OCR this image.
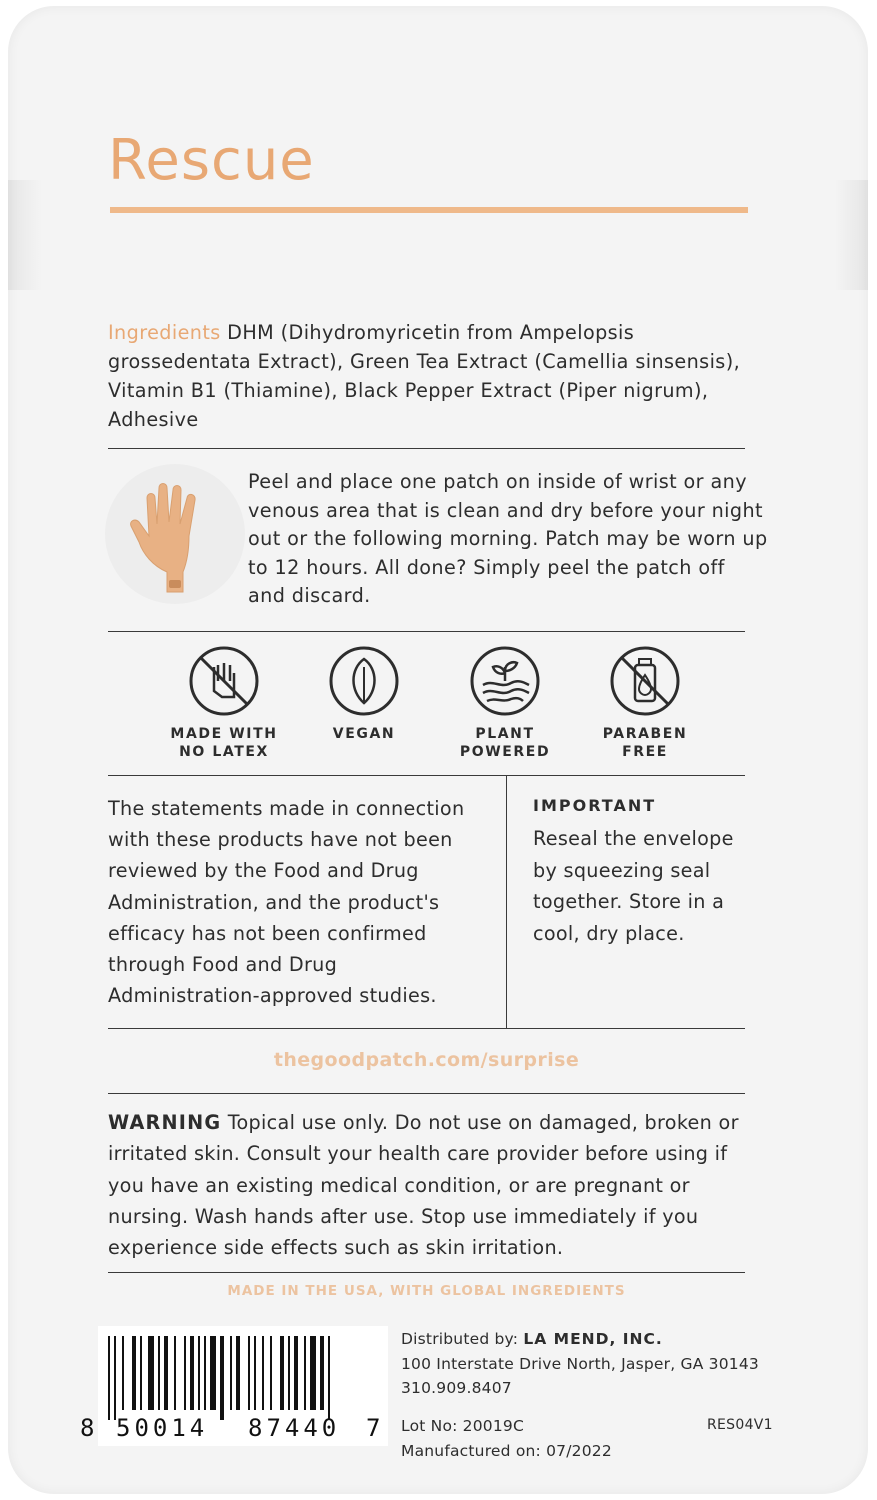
Rescue
Ingredients DHM (Dihydromyricetin from Ampelopsis grossedentata Extract), Green Tea Extract (Camellia sinsensis), Vitamin B1 (Thiamine), Black Pepper Extract (Piper nigrum), Adhesive
Peel and place one patch on inside of wrist or any venous area that is clean and dry before your night out or the following morning. Patch may be worn up to 12 hours. All done? Simply peel the patch off and discard.
MADE WITH
NO LATEX
VEGAN	PLANT
POWERED
PARABEN
FREE
The statements made in connection with these products have not been reviewed by the Food and Drug Administration, and the product's efficacy has not been confirmed through Food and Drug Administration-approved studies.
IMPORTANT
Reseal the envelope by squeezing seal together. Store in a cool, dry place.
thegoodpatch.com/surprise
WARNING Topical use only. Do not use on damaged, broken or irritated skin. Consult your health care provider before using if you have an existing medical condition, or are pregnant or nursing. Wash hands after use. Stop use immediately if you experience side effects such as skin irritation.
MADE IN THE USA, WITH GLOBAL INGREDIENTS
8 50014 87440 7
Distributed by: LA MEND, INC.
100 Interstate Drive North, Jasper, GA 30143
310.909.8407
Lot No: 20019C
Manufactured on: 07/2022
RES04V1
